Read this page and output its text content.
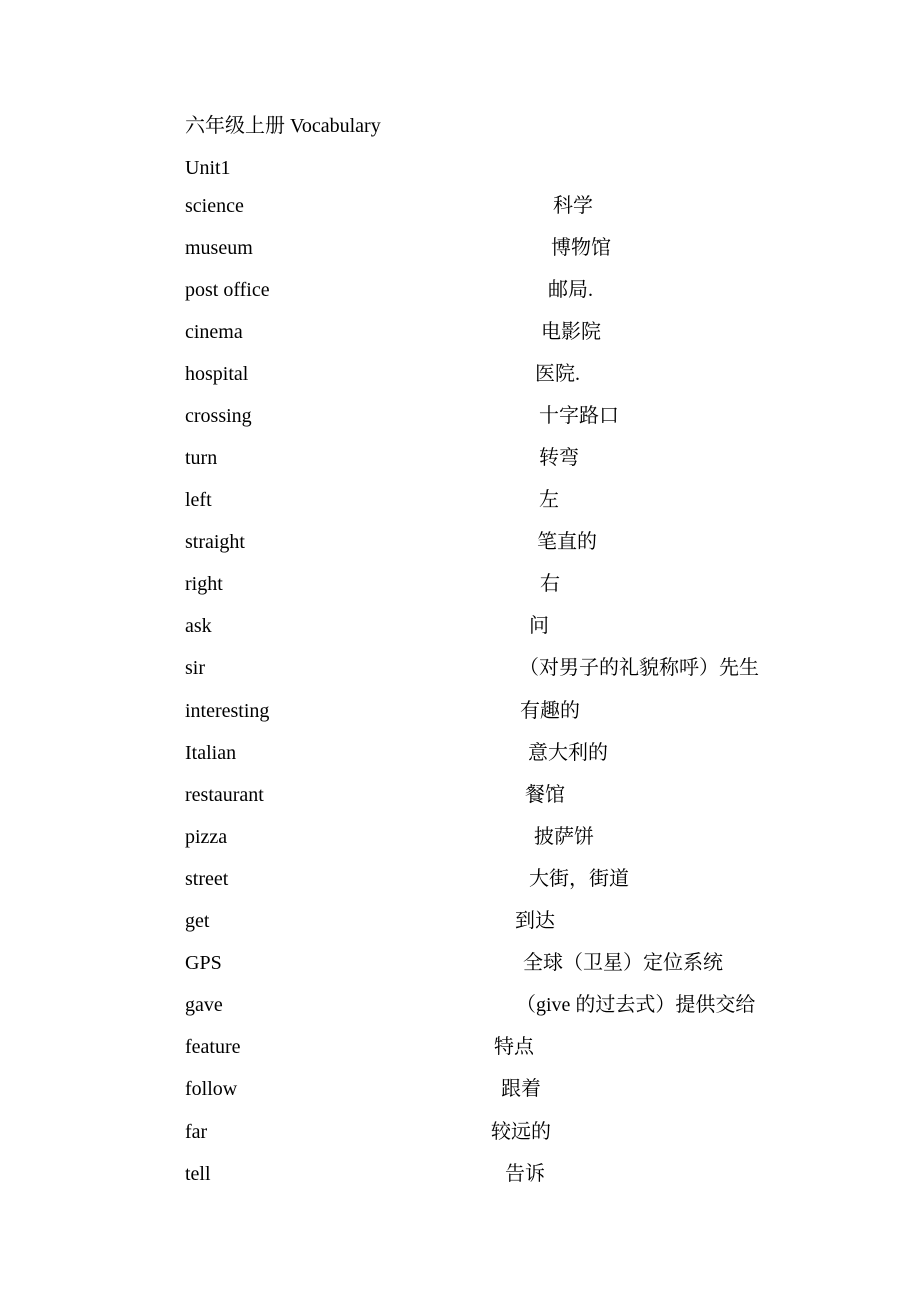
六年级上册 Vocabulary
Unit1
science	科学
museum	博物馆
post office	邮局.
cinema	电影院
hospital	医院.
crossing	十字路口
turn	转弯
left	左
straight	笔直的
right	右
ask	问
sir	（对男子的礼貌称呼）先生
interesting	有趣的
Italian	意大利的
restaurant	餐馆
pizza	披萨饼
street	大街，街道
get	到达
GPS	全球（卫星）定位系统
gave	（give 的过去式）提供交给
feature	特点
follow	跟着
far	较远的
tell	告诉
